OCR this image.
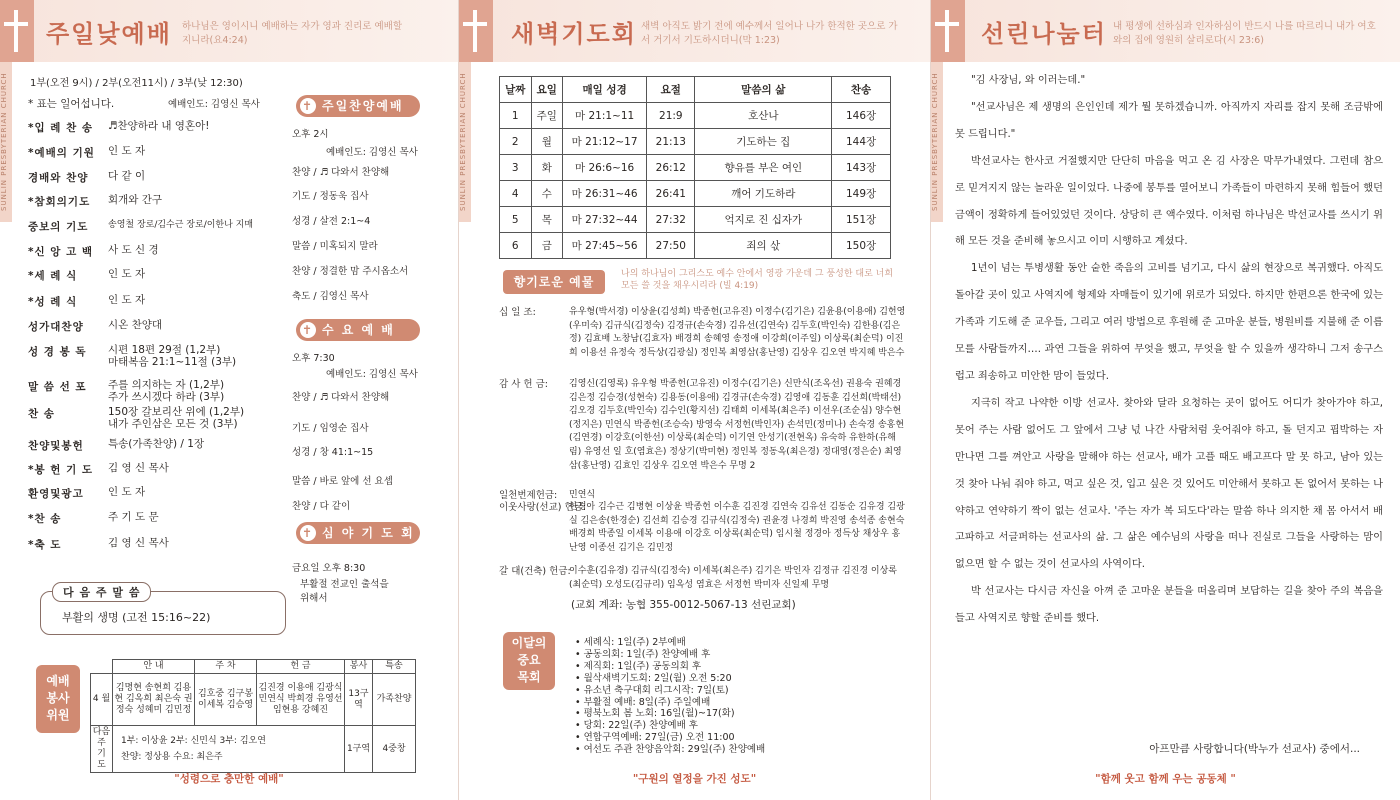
SUNLIN PRESBYTERIAN CHURCH
주일낮예배 하나님은 영이시니 예배하는 자가 영과 진리로 예배할지니라(요4:24)
1부(오전 9시) / 2부(오전11시) / 3부(낮 12:30)
* 표는 일어섭니다.	예배인도: 김영신 목사
*입 례 찬 송 ♬찬양하라 내 영혼아!
*예배의 기원 인 도 자
경배와 찬양 다 같 이
*참회의기도 회개와 간구
중보의 기도 송영철 장로/김수근 장로/이한나 지매
*신 앙 고 백 사 도 신 경
*세 례 식	인 도 자
*성 례 식	인 도 자
성가대찬양 시온 찬양대
성 경 봉 독 시편 18편 29절 (1,2부)
마태복음 21:1~11절 (3부)
말 씀 선 포 주를 의지하는 자 (1,2부)
주가 쓰시겠다 하라 (3부)
찬 송	150장 갈보리산 위에 (1,2부)
내가 주인삼은 모든 것 (3부)
찬양및봉헌 특송(가족찬양) / 1장
*봉 헌 기 도 김 영 신 목사
환영및광고 인 도 자
*찬 송	주 기 도 문
*축 도	김 영 신 목사
✝ 주일찬양예배
오후 2시
예배인도: 김영신 목사
찬양 / ♬ 다와서 찬양해
기도 / 정동욱 집사
성경 / 살전 2:1~4
말씀 / 미혹되지 말라
찬양 / 정결한 맘 주시옵소서
축도 / 김영신 목사
✝ 수 요 예 배
오후 7:30
예배인도: 김영신 목사
찬양 / ♬ 다와서 찬양해
기도 / 임영순 집사
성경 / 창 41:1~15
말씀 / 바로 앞에 선 요셉
찬양 / 다 같이
✝ 심 야 기 도 회
금요일 오후 8:30
부활절 전교인 출석을
위해서
다 음 주 말 씀
부활의 생명 (고전 15:16~22)
예배
봉사
위원
	안 내	주 차	헌 금	봉사	특송
4 월	김명현 송현희 김용현 김옥희 최은숙 권정숙 성혜미 김민정	김호중 김구봉 이세복 김승영	김진경 이용애 김광식 민연식 박희경 유영선 임현용 강혜진	13구역	가족찬양
다음주 기 도	1부: 이상윤 2부: 신민식 3부: 김오연
찬양: 정상용 수요: 최은주			1구역	4중창
"성령으로 충만한 예배"
SUNLIN PRESBYTERIAN CHURCH
새벽기도회 새벽 아직도 밝기 전에 예수께서 일어나 나가 한적한 곳으로 가서 거기서 기도하시더니(막 1:23)
날짜	요일	매일 성경	요절	말씀의 삶	찬송
1	주일	마 21:1~11	21:9	호산나	146장
2	월	마 21:12~17	21:13	기도하는 집	144장
3	화	마 26:6~16	26:12	향유를 부은 여인	143장
4	수	마 26:31~46	26:41	깨어 기도하라	149장
5	목	마 27:32~44	27:32	억지로 진 십자가	151장
6	금	마 27:45~56	27:50	죄의 삯	150장
향기로운 예물
나의 하나님이 그리스도 예수 안에서 영광 가운데 그 풍성한 대로 너희 모든 쓸 것을 채우시리라 (빌 4:19)
십 일 조:	유우형(박서경) 이상윤(김성희) 박종헌(고유진) 이정수(김기은) 김윤용(이용애) 김헌영(우미숙) 김규식(김정숙) 김경규(손숙경) 김유선(김연숙) 김두호(박인숙) 김한용(김은정) 김효배 노창남(김효자) 배경희 송혜영 송정애 이강희(이주일) 이상록(최순덕) 이진희 이용선 유정숙 정득상(김광실) 정인복 최영삼(홍난영) 김상우 김오연 박지혜 박은수
감 사 헌 금:	김영신(김영록) 유우형 박종헌(고유진) 이정수(김기은) 신만식(조옥선) 권용숙 권혜경 김은정 김승경(성현숙) 김용동(이용애) 김경규(손숙경) 김영애 김동훈 김선희(박태선) 김오경 김두호(박인숙) 김수인(황지선) 김태희 이세복(최은주) 이선우(조순심) 양수현(정지은) 민연식 박종헌(조승숙) 방영숙 서정헌(박인자) 손석민(정미나) 손숙경 송홍현(김연경) 이강호(이한선) 이상록(최순덕) 이기연 안성기(전현옥) 유숙하 유한하(유해림) 유영선 일 호(염효은) 정상기(박미현) 정인복 정동옥(최은경) 정대영(정은순) 최영삼(홍난영) 김효인 김상우 김오연 박은수 무명 2
일천번제헌금:	민연식
이웃사랑(선교) 헌금:
한경아 김수근 김병현 이상윤 박종헌 이수훈 김진경 김연숙 김유선 김동순 김유경 김광실 김은송(한경순) 김선희 김승경 김규식(김정숙) 권윤경 나경희 박진영 송석종 송현숙 배경희 박종일 이세복 이용애 이강호 이상록(최순덕) 임시철 정경아 정득상 채상우 홍난영 이종선 김기은 김민정
갈 대(건축) 헌금:
이수훈(김유경) 김규식(김정숙) 이세복(최은주) 김기은 박인자 김정규 김진경 이상록(최순덕) 오성도(김규리) 임옥성 염효은 서정헌 박미자 신일제 무명
(교회 계좌: 농협 355-0012-5067-13 선린교회)
이달의
중요
목회
• 세례식: 1일(주) 2부예배
• 공동의회: 1일(주) 찬양예배 후
• 제직회: 1일(주) 공동의회 후
• 월삭새벽기도회: 2일(월) 오전 5:20
• 유소년 축구대회 리그시작: 7일(토)
• 부활절 예배: 8일(주) 주일예배
• 평북노회 봄 노회: 16일(월)~17(화)
• 당회: 22일(주) 찬양예배 후
• 연합구역예배: 27일(금) 오전 11:00
• 여선도 주관 찬양음악회: 29일(주) 찬양예배
"구원의 열정을 가진 성도"
SUNLIN PRESBYTERIAN CHURCH
선린나눔터 내 평생에 선하심과 인자하심이 반드시 나를 따르리니 내가 여호와의 집에 영원히 살리로다(시 23:6)

"김 사장님, 와 이러는데."

"선교사님은 제 생명의 은인인데 제가 뭘 못하겠습니까. 아직까지 자리를 잡지 못해 조금밖에 못 드립니다."

박선교사는 한사코 거절했지만 단단히 마음을 먹고 온 김 사장은 막무가내였다. 그런데 참으로 믿겨지지 않는 놀라운 일이었다. 나중에 봉투를 열어보니 가족들이 마련하지 못해 힘들어 했던 금액이 정확하게 들어있었던 것이다. 상당히 큰 액수였다. 이처럼 하나님은 박선교사를 쓰시기 위해 모든 것을 준비해 놓으시고 이미 시행하고 계셨다.

1년이 넘는 투병생활 동안 숱한 죽음의 고비를 넘기고, 다시 삶의 현장으로 복귀했다. 아직도 돌아갈 곳이 있고 사역지에 형제와 자매들이 있기에 위로가 되었다. 하지만 한편으론 한국에 있는 가족과 기도해 준 교우들, 그리고 여러 방법으로 후원해 준 고마운 분들, 병원비를 지불해 준 이름 모를 사람들까지…. 과연 그들을 위하여 무엇을 했고, 무엇을 할 수 있을까 생각하니 그저 송구스럽고 죄송하고 미안한 맘이 들었다.

지극히 작고 나약한 이방 선교사. 찾아와 달라 요청하는 곳이 없어도 어디가 찾아가야 하고, 못어 주는 사람 없어도 그 앞에서 그냥 넋 나간 사람처럼 웃어줘야 하고, 돌 던지고 핍박하는 자 만나면 그를 껴안고 사랑을 말해야 하는 선교사, 배가 고플 때도 배고프다 말 못 하고, 남아 있는 것 찾아 나눠 줘야 하고, 먹고 싶은 것, 입고 싶은 것 있어도 미안해서 못하고 돈 없어서 못하는 나약하고 연약하기 짝이 없는 선교사. '주는 자가 복 되도다'라는 말씀 하나 의지한 채 몸 아서서 배고파하고 서글퍼하는 선교사의 삶. 그 삶은 예수님의 사랑을 떠나 진실로 그들을 사랑하는 맘이 없으면 할 수 없는 것이 선교사의 사역이다.

박 선교사는 다시금 자신을 아껴 준 고마운 분들을 떠올리며 보답하는 길을 찾아 주의 복음을 들고 사역지로 향할 준비를 했다.

아프만큼 사랑합니다(박누가 선교사) 중에서...
"함께 웃고 함께 우는 공동체 "
